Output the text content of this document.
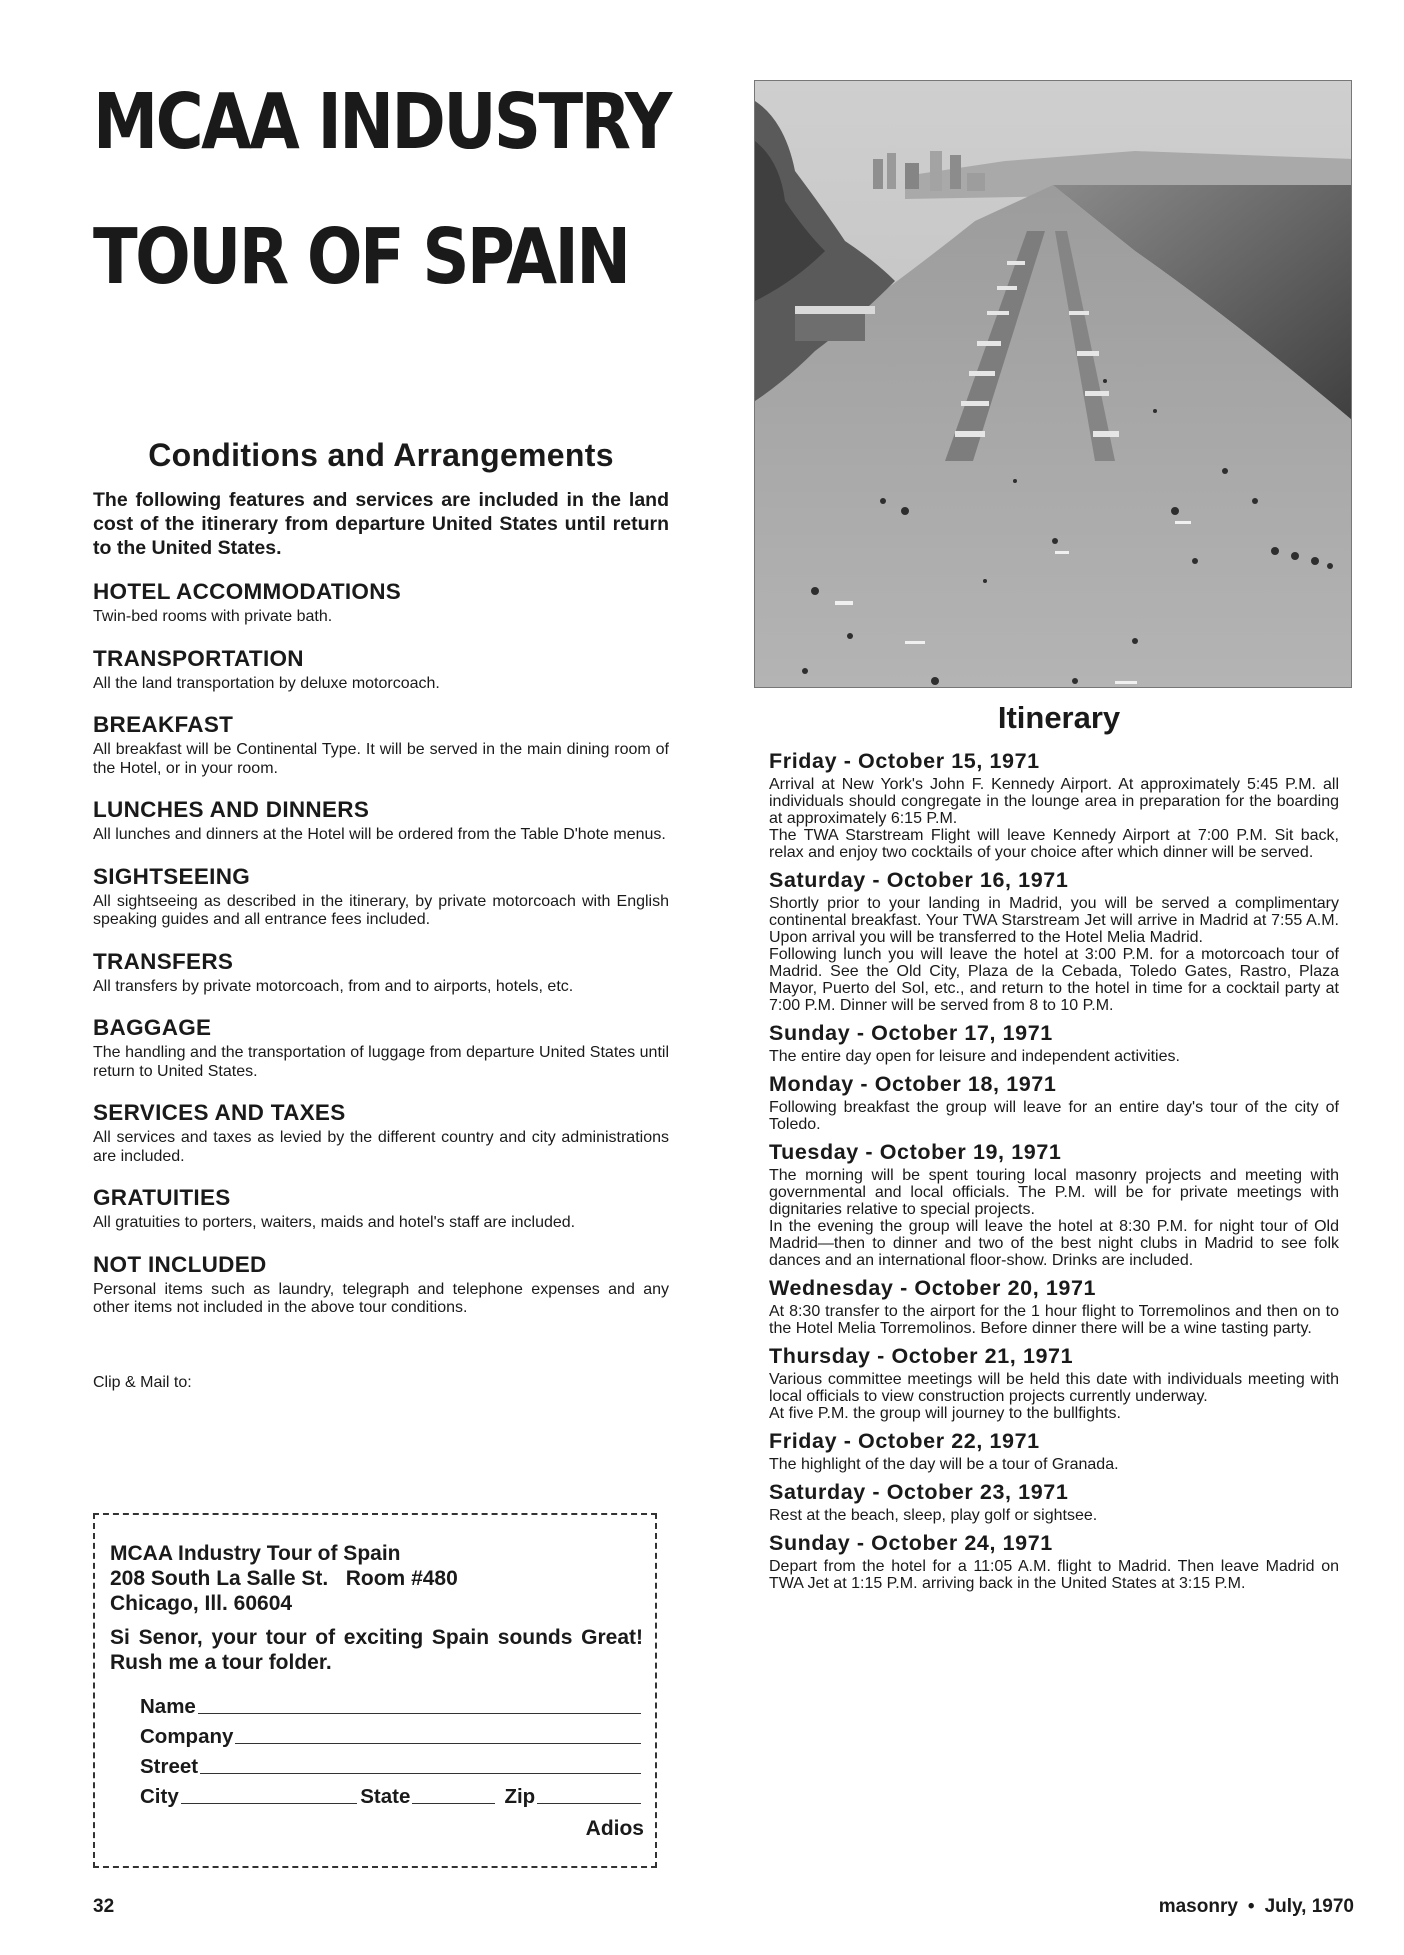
MCAA INDUSTRY
TOUR OF SPAIN
Conditions and Arrangements

The following features and services are included in the land cost of the itinerary from departure United States until return to the United States.

HOTEL ACCOMMODATIONS

Twin-bed rooms with private bath.

TRANSPORTATION

All the land transportation by deluxe motorcoach.

BREAKFAST

All breakfast will be Continental Type. It will be served in the main dining room of the Hotel, or in your room.

LUNCHES AND DINNERS

All lunches and dinners at the Hotel will be ordered from the Table D'hote menus.

SIGHTSEEING

All sightseeing as described in the itinerary, by private motorcoach with English speaking guides and all entrance fees included.

TRANSFERS

All transfers by private motorcoach, from and to airports, hotels, etc.

BAGGAGE

The handling and the transportation of luggage from departure United States until return to United States.

SERVICES AND TAXES

All services and taxes as levied by the different country and city administrations are included.

GRATUITIES

All gratuities to porters, waiters, maids and hotel's staff are included.

NOT INCLUDED

Personal items such as laundry, telegraph and telephone expenses and any other items not included in the above tour conditions.

Clip & Mail to:
MCAA Industry Tour of Spain
208 South La Salle St.   Room #480
Chicago, Ill. 60604
Si Senor, your tour of exciting Spain sounds Great! Rush me a tour folder.
Name
Company
Street
City	State	Zip
Adios
Itinerary
Friday - October 15, 1971

Arrival at New York's John F. Kennedy Airport. At approximately 5:45 P.M. all individuals should congregate in the lounge area in preparation for the boarding at approximately 6:15 P.M.

The TWA Starstream Flight will leave Kennedy Airport at 7:00 P.M. Sit back, relax and enjoy two cocktails of your choice after which dinner will be served.

Saturday - October 16, 1971

Shortly prior to your landing in Madrid, you will be served a complimentary continental breakfast. Your TWA Starstream Jet will arrive in Madrid at 7:55 A.M. Upon arrival you will be transferred to the Hotel Melia Madrid.

Following lunch you will leave the hotel at 3:00 P.M. for a motorcoach tour of Madrid. See the Old City, Plaza de la Cebada, Toledo Gates, Rastro, Plaza Mayor, Puerto del Sol, etc., and return to the hotel in time for a cocktail party at 7:00 P.M. Dinner will be served from 8 to 10 P.M.

Sunday - October 17, 1971

The entire day open for leisure and independent activities.

Monday - October 18, 1971

Following breakfast the group will leave for an entire day's tour of the city of Toledo.

Tuesday - October 19, 1971

The morning will be spent touring local masonry projects and meeting with governmental and local officials. The P.M. will be for private meetings with dignitaries relative to special projects.

In the evening the group will leave the hotel at 8:30 P.M. for night tour of Old Madrid—then to dinner and two of the best night clubs in Madrid to see folk dances and an international floor-show. Drinks are included.

Wednesday - October 20, 1971

At 8:30 transfer to the airport for the 1 hour flight to Torremolinos and then on to the Hotel Melia Torremolinos. Before dinner there will be a wine tasting party.

Thursday - October 21, 1971

Various committee meetings will be held this date with individuals meeting with local officials to view construction projects currently underway.

At five P.M. the group will journey to the bullfights.

Friday - October 22, 1971

The highlight of the day will be a tour of Granada.

Saturday - October 23, 1971

Rest at the beach, sleep, play golf or sightsee.

Sunday - October 24, 1971

Depart from the hotel for a 11:05 A.M. flight to Madrid. Then leave Madrid on TWA Jet at 1:15 P.M. arriving back in the United States at 3:15 P.M.

32	masonry • July, 1970
